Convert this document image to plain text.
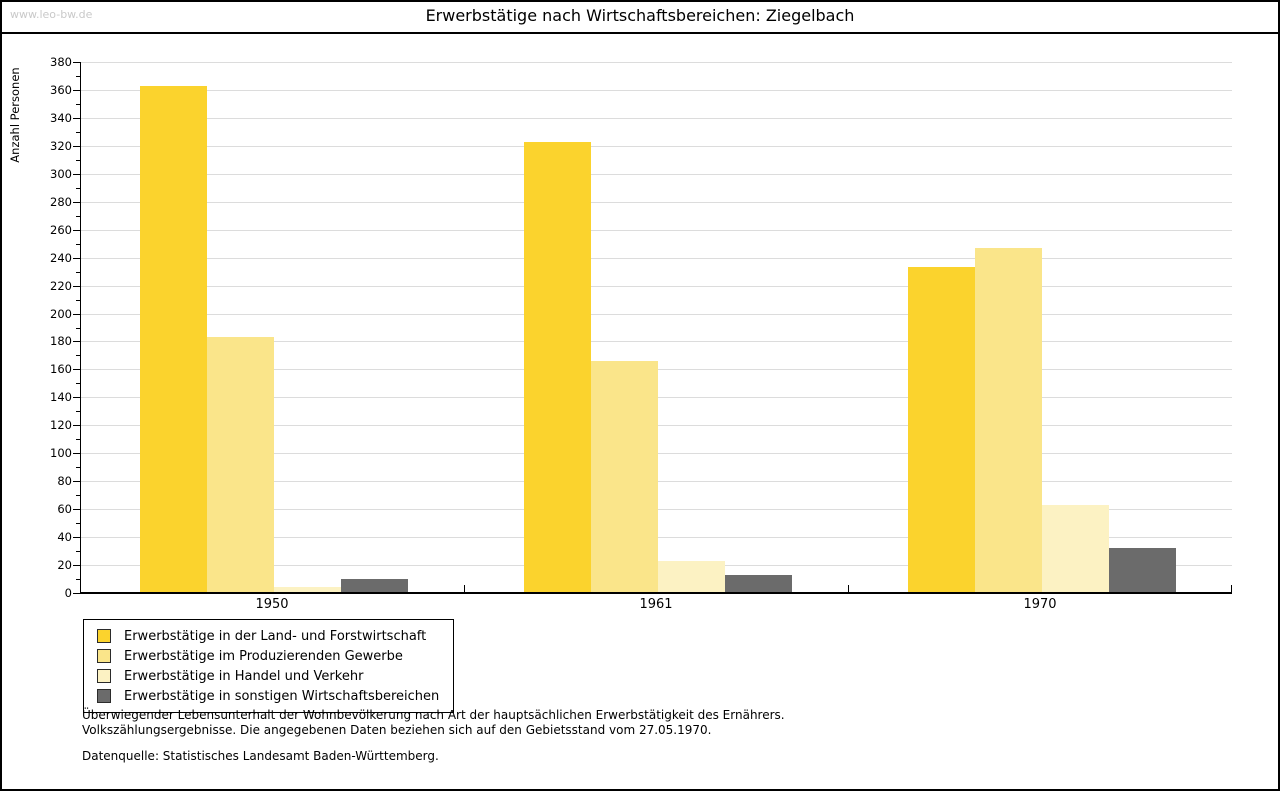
www.leo-bw.de	Erwerbstätige nach Wirtschaftsbereichen: Ziegelbach
Anzahl Personen
0
20
40
60
80
100
120
140
160
180
200
220
240
260
280
300
320
340
360
380
1950	1961	1970
Erwerbstätige in der Land- und Forstwirtschaft
Erwerbstätige im Produzierenden Gewerbe
Erwerbstätige in Handel und Verkehr
Erwerbstätige in sonstigen Wirtschaftsbereichen

Überwiegender Lebensunterhalt der Wohnbevölkerung nach Art der hauptsächlichen Erwerbstätigkeit des Ernährers.

Volkszählungsergebnisse. Die angegebenen Daten beziehen sich auf den Gebietsstand vom 27.05.1970.

Datenquelle: Statistisches Landesamt Baden-Württemberg.
